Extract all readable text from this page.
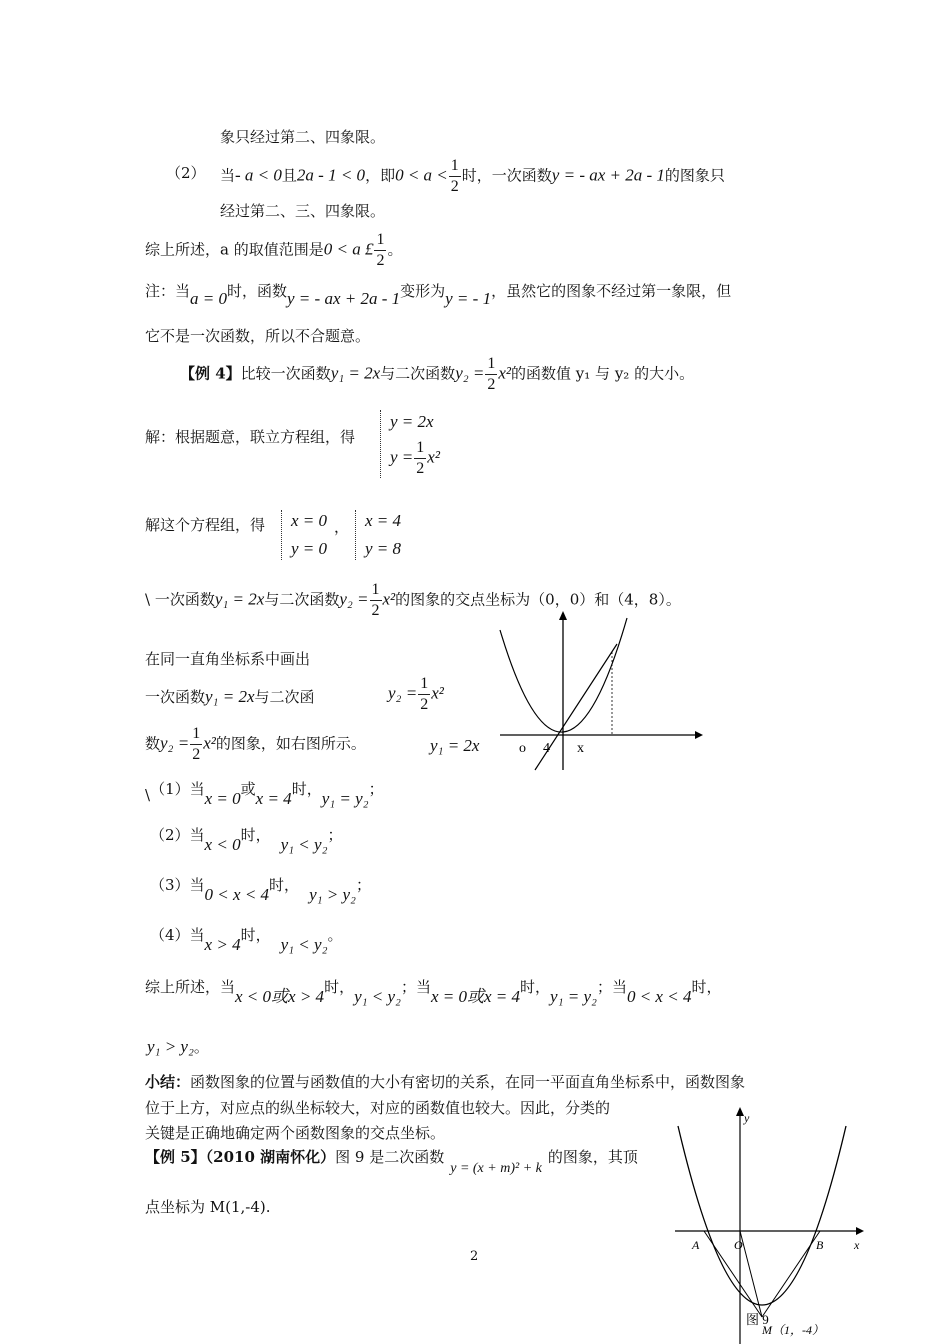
象只经过第二、四象限。
（2） 当- a < 0且2a - 1 < 0，即$0 < a < \frac{1}{2}$ 时，一次函数y = - ax + 2a - 1的图象只
经过第二、三、四象限。
综上所述，a 的取值范围是0 < a £ $\frac{1}{2}$ 。
注：当a = 0时，函数y = - ax + 2a - 1变形为y = - 1，虽然它的图象不经过第一象限，但
它不是一次函数，所以不合题意。
【例 4】比较一次函数y₁ = 2x与二次函数$y_2 = \frac{1}{2} x^2$的函数值 y₁ 与 y₂ 的大小。
解：根据题意，联立方程组，得
y = 2x
$y = \frac{1}{2} x^2$
解这个方程组，得 x = 0
y = 0
， x = 4
y = 8
\ 一次函数y₁ = 2x与二次函数$y_2 = \frac{1}{2} x^2$的图象的交点坐标为（0，0）和（4，8）。
在同一直角坐标系中画出
一次函数y₁ = 2x与二次函	$y_2 = \frac{1}{2} x^2$
数$y_2 = \frac{1}{2} x^2$的图象，如右图所示。	y₁ = 2x	o 4 x
\（1）当x = 0或x = 4时，y₁ = y₂；
（2）当x < 0时， y₁ < y₂；
（3）当0 < x < 4时， y₁ > y₂；
（4）当x > 4时， y₁ < y₂。
综上所述，当x < 0或x > 4时，y₁ < y₂；当x = 0或x = 4时，y₁ = y₂；当0 < x < 4时，
y₁ > y₂。
小结：函数图象的位置与函数值的大小有密切的关系，在同一平面直角坐标系中，函数图象
位于上方，对应点的纵坐标较大，对应的函数值也较大。因此，分类的
关键是正确地确定两个函数图象的交点坐标。
【例 5】（2010 湖南怀化）图 9 是二次函数y = (x + m)² + k的图象，其顶
点坐标为 M(1,-4).
y
x
A	O	B
图 9
M（1，-4）
2
